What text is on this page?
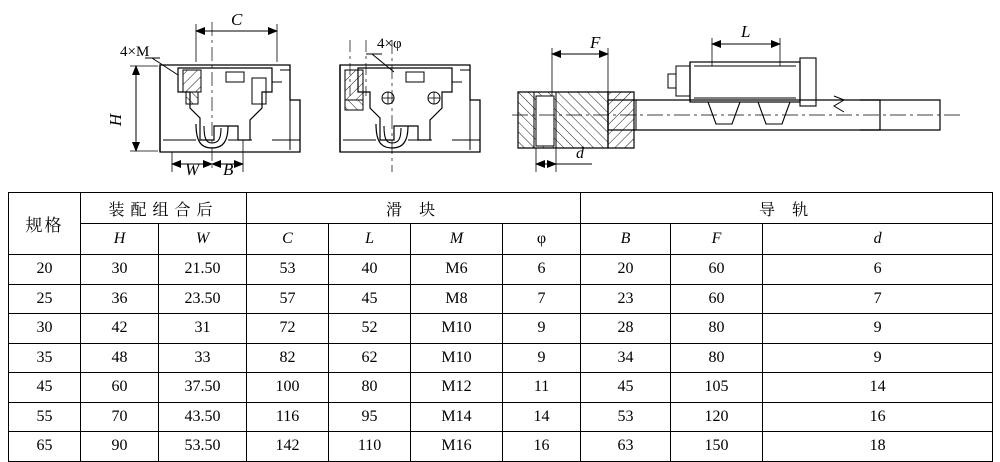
4×M
C
H
W B
4×φ	F
L
d
规格	装配组合后		滑 块				导 轨		
	H	W	C	L	M	φ	B	F	d
20	30	21.50	53	40	M6	6	20	60	6
25	36	23.50	57	45	M8	7	23	60	7
30	42	31	72	52	M10	9	28	80	9
35	48	33	82	62	M10	9	34	80	9
45	60	37.50	100	80	M12	11	45	105	14
55	70	43.50	116	95	M14	14	53	120	16
65	90	53.50	142	110	M16	16	63	150	18
